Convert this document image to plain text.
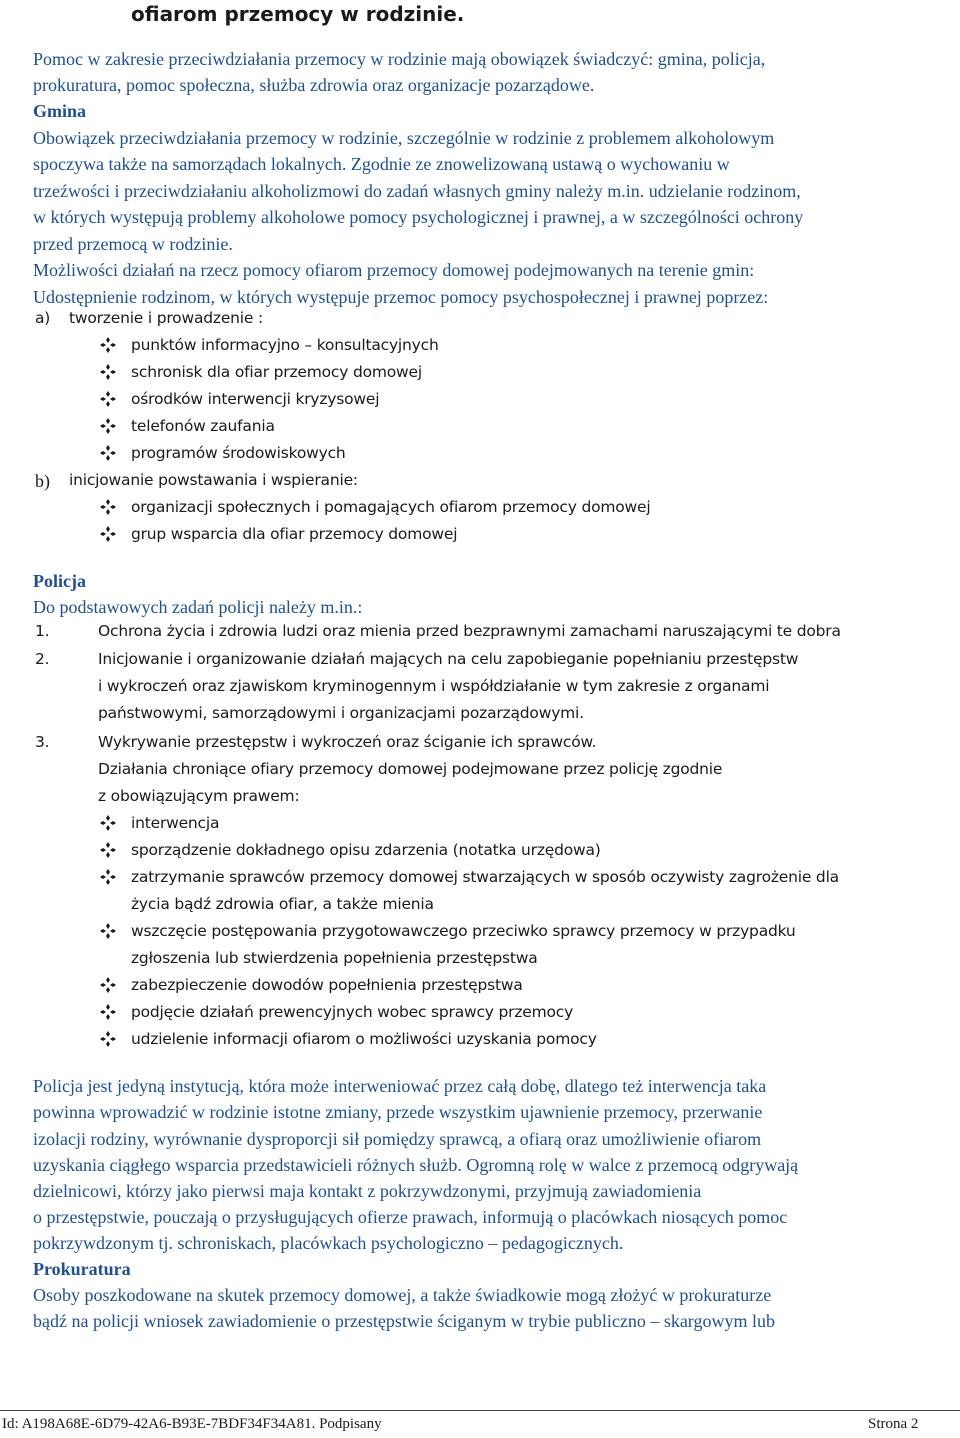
ofiarom przemocy w rodzinie.
Pomoc w zakresie przeciwdziałania przemocy w rodzinie mają obowiązek świadczyć: gmina, policja,
prokuratura, pomoc społeczna, służba zdrowia oraz organizacje pozarządowe.
Gmina
Obowiązek przeciwdziałania przemocy w rodzinie, szczególnie w rodzinie z problemem alkoholowym
spoczywa także na samorządach lokalnych. Zgodnie ze znowelizowaną ustawą o wychowaniu w
trzeźwości i przeciwdziałaniu alkoholizmowi do zadań własnych gminy należy m.in. udzielanie rodzinom,
w których występują problemy alkoholowe pomocy psychologicznej i prawnej, a w szczególności ochrony
przed przemocą w rodzinie.
Możliwości działań na rzecz pomocy ofiarom przemocy domowej podejmowanych na terenie gmin:
Udostępnienie rodzinom, w których występuje przemoc pomocy psychospołecznej i prawnej poprzez:
a) tworzenie i prowadzenie :
punktów informacyjno – konsultacyjnych
schronisk dla ofiar przemocy domowej
ośrodków interwencji kryzysowej
telefonów zaufania
programów środowiskowych
b) inicjowanie powstawania i wspieranie:
organizacji społecznych i pomagających ofiarom przemocy domowej
grup wsparcia dla ofiar przemocy domowej
Policja
Do podstawowych zadań policji należy m.in.:
1.	Ochrona życia i zdrowia ludzi oraz mienia przed bezprawnymi zamachami naruszającymi te dobra
2.	Inicjowanie i organizowanie działań mających na celu zapobieganie popełnianiu przestępstw
i wykroczeń oraz zjawiskom kryminogennym i współdziałanie w tym zakresie z organami
państwowymi, samorządowymi i organizacjami pozarządowymi.
3.	Wykrywanie przestępstw i wykroczeń oraz ściganie ich sprawców.
Działania chroniące ofiary przemocy domowej podejmowane przez policję zgodnie
z obowiązującym prawem:
interwencja
sporządzenie dokładnego opisu zdarzenia (notatka urzędowa)
zatrzymanie sprawców przemocy domowej stwarzających w sposób oczywisty zagrożenie dla
życia bądź zdrowia ofiar, a także mienia
wszczęcie postępowania przygotowawczego przeciwko sprawcy przemocy w przypadku
zgłoszenia lub stwierdzenia popełnienia przestępstwa
zabezpieczenie dowodów popełnienia przestępstwa
podjęcie działań prewencyjnych wobec sprawcy przemocy
udzielenie informacji ofiarom o możliwości uzyskania pomocy
Policja jest jedyną instytucją, która może interweniować przez całą dobę, dlatego też interwencja taka
powinna wprowadzić w rodzinie istotne zmiany, przede wszystkim ujawnienie przemocy, przerwanie
izolacji rodziny, wyrównanie dysproporcji sił pomiędzy sprawcą, a ofiarą oraz umożliwienie ofiarom
uzyskania ciągłego wsparcia przedstawicieli różnych służb. Ogromną rolę w walce z przemocą odgrywają
dzielnicowi, którzy jako pierwsi maja kontakt z pokrzywdzonymi, przyjmują zawiadomienia
o przestępstwie, pouczają o przysługujących ofierze prawach, informują o placówkach niosących pomoc
pokrzywdzonym tj. schroniskach, placówkach psychologiczno – pedagogicznych.
Prokuratura
Osoby poszkodowane na skutek przemocy domowej, a także świadkowie mogą złożyć w prokuraturze
bądź na policji wniosek zawiadomienie o przestępstwie ściganym w trybie publiczno – skargowym lub
Id: A198A68E-6D79-42A6-B93E-7BDF34F34A81. Podpisany	Strona 2
